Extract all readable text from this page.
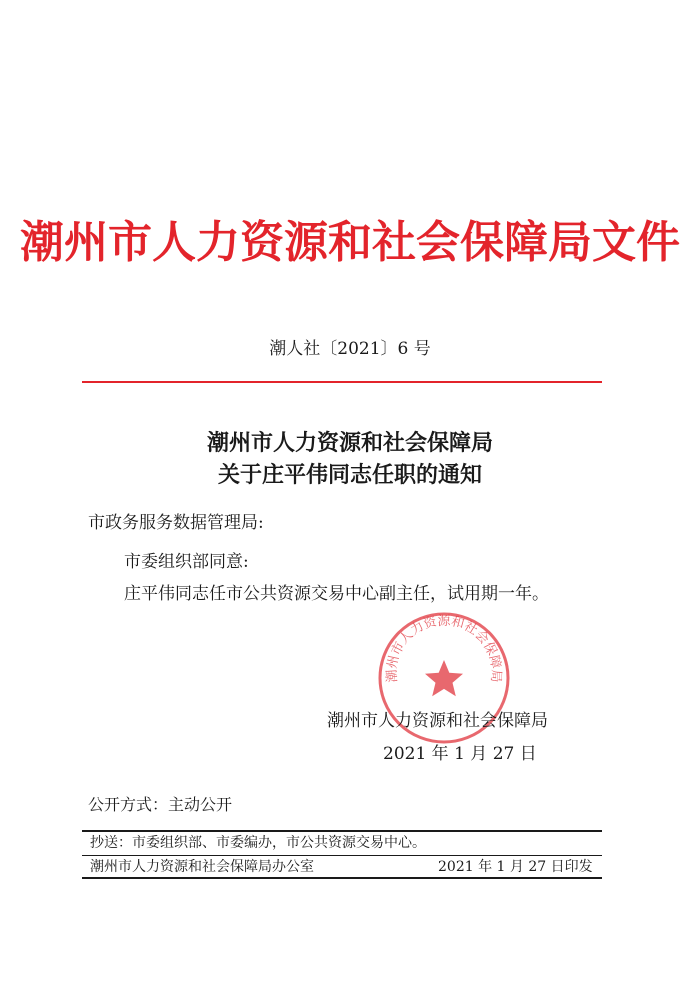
潮州市人力资源和社会保障局文件
潮人社〔2021〕6 号
潮州市人力资源和社会保障局
关于庄平伟同志任职的通知
市政务服务数据管理局:
市委组织部同意:
庄平伟同志任市公共资源交易中心副主任，试用期一年。
潮州市人力资源和社会保障局
潮州市人力资源和社会保障局
2021 年 1 月 27 日
公开方式：主动公开
抄送：市委组织部、市委编办，市公共资源交易中心。
潮州市人力资源和社会保障局办公室	2021 年 1 月 27 日印发
